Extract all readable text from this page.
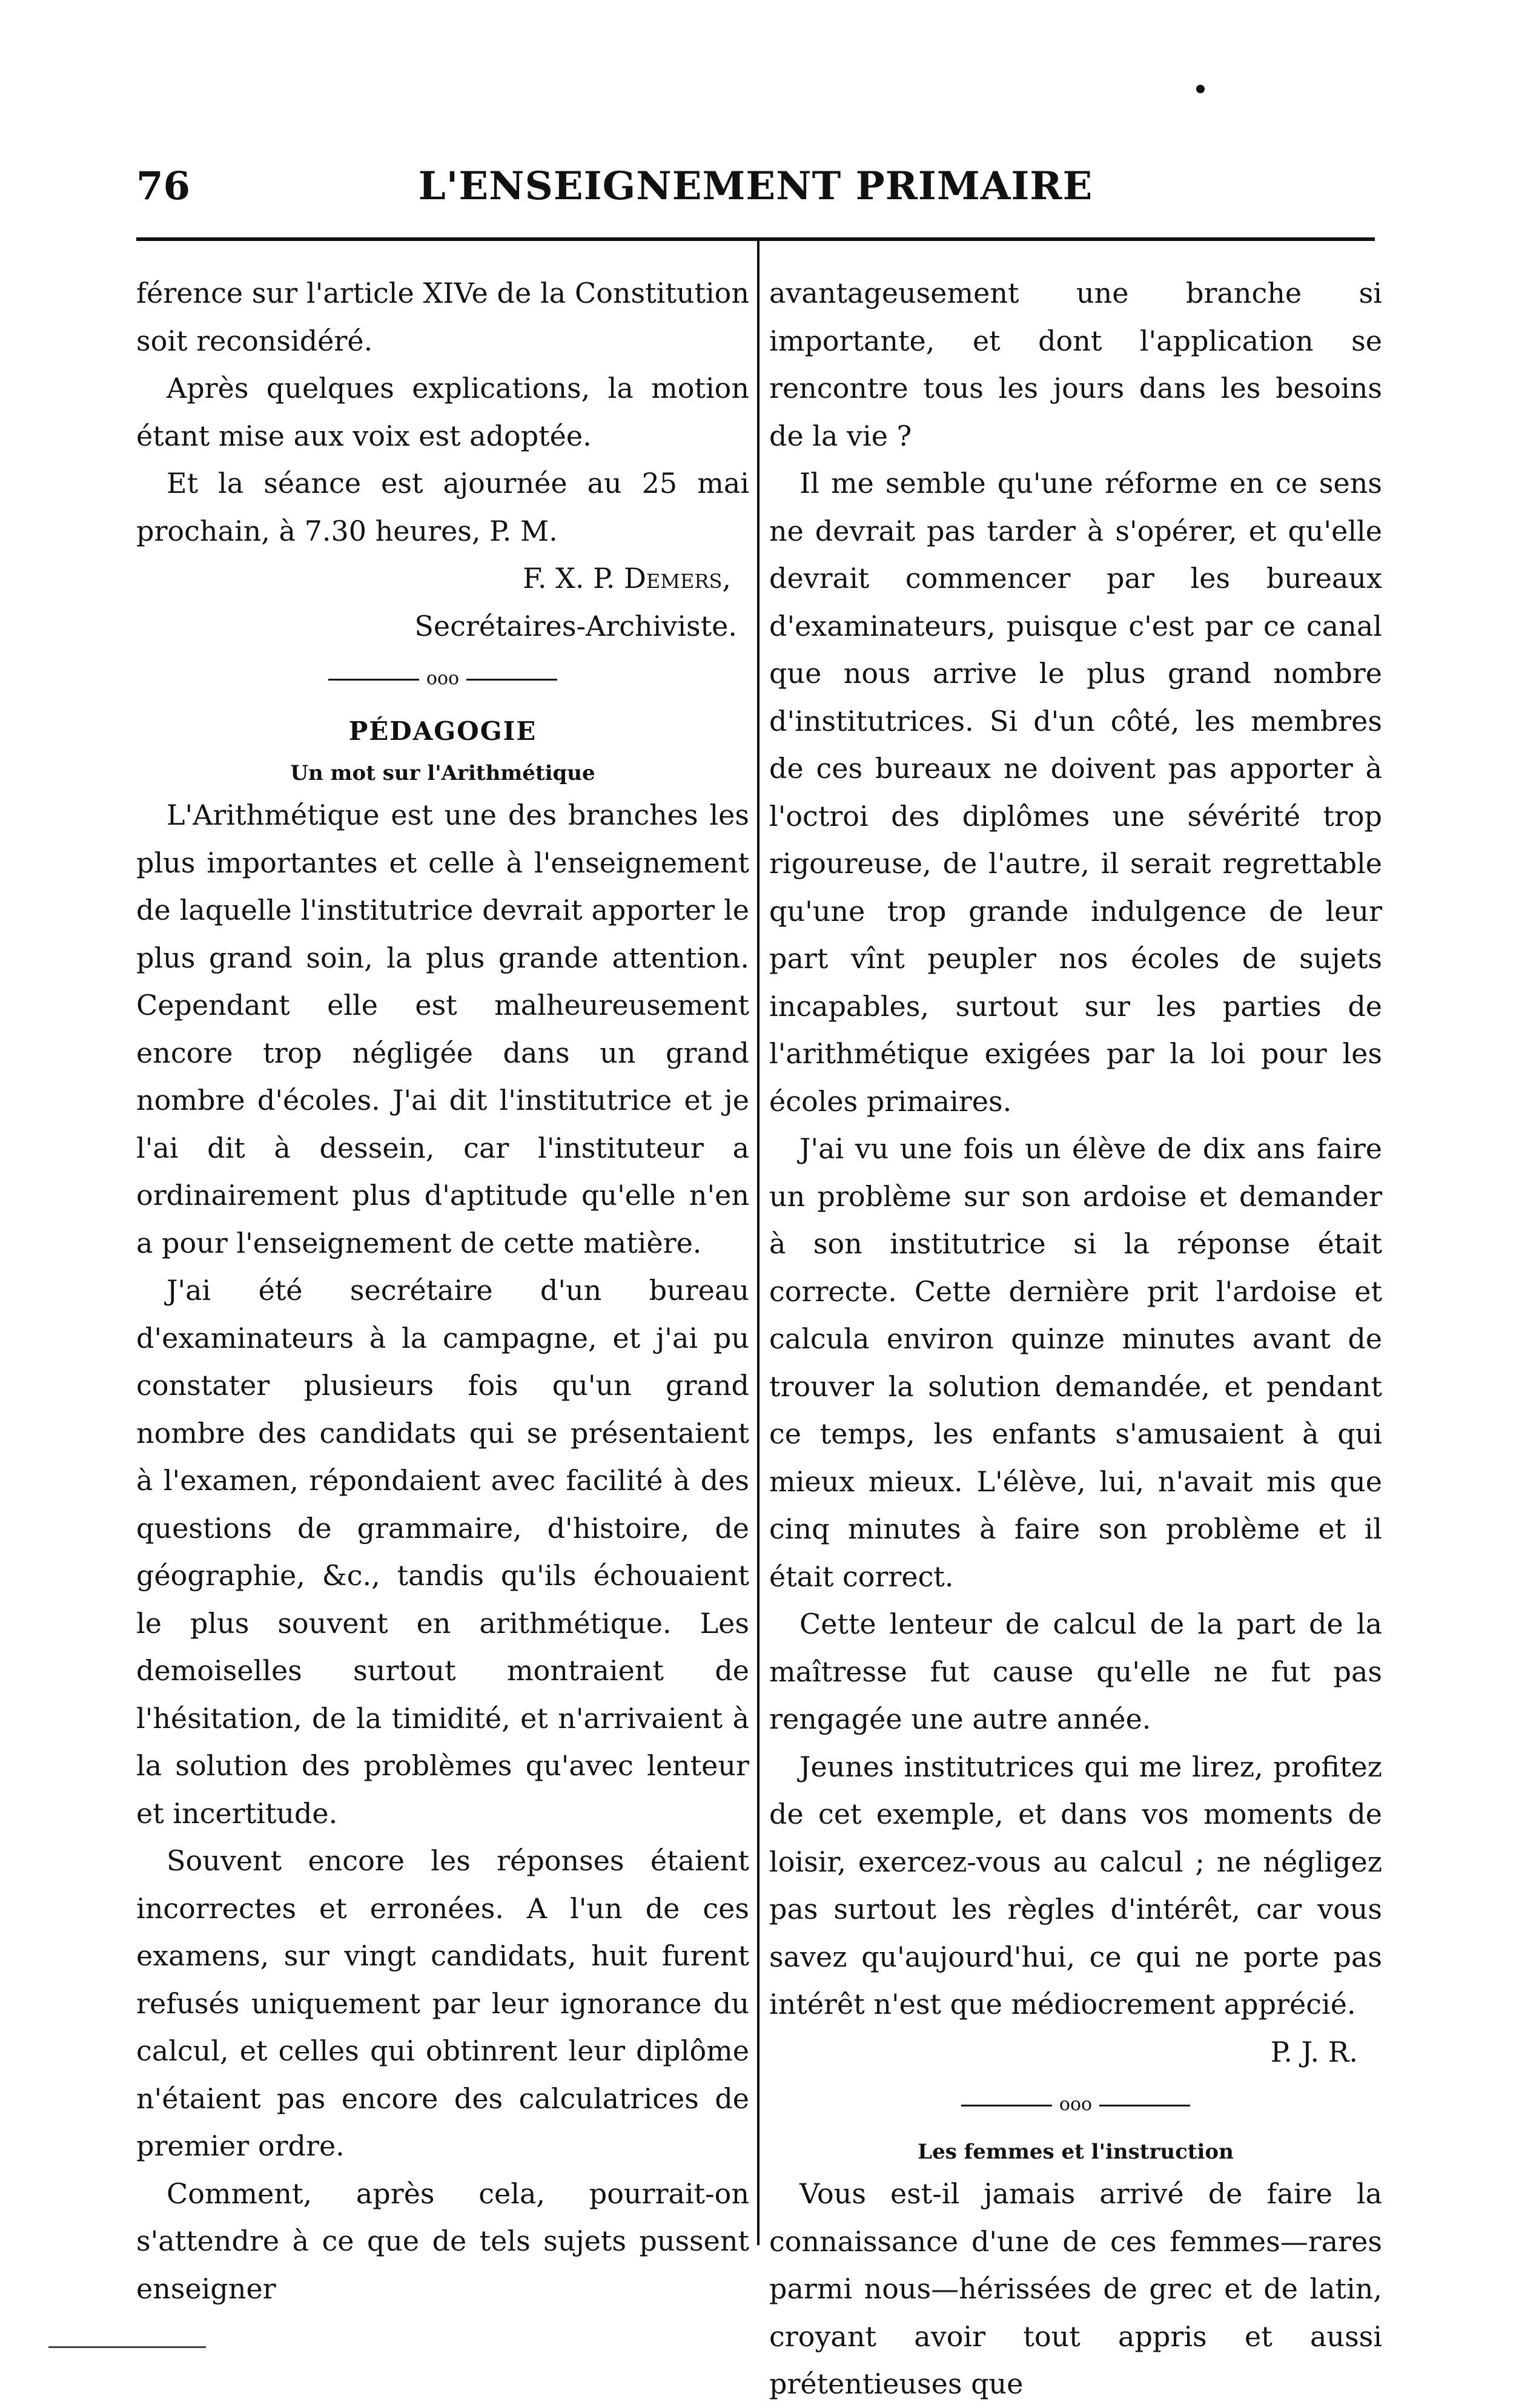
76	L'ENSEIGNEMENT PRIMAIRE

férence sur l'article XIVe de la Constitution soit reconsidéré.

Après quelques explications, la motion étant mise aux voix est adoptée.

Et la séance est ajournée au 25 mai prochain, à 7.30 heures, P. M.

F. X. P. Demers,

Secrétaires-Archiviste.

ooo

PÉDAGOGIE

Un mot sur l'Arithmétique

L'Arithmétique est une des branches les plus importantes et celle à l'enseignement de laquelle l'institutrice devrait apporter le plus grand soin, la plus grande attention. Cependant elle est malheureusement encore trop négligée dans un grand nombre d'écoles. J'ai dit l'institutrice et je l'ai dit à dessein, car l'instituteur a ordinairement plus d'aptitude qu'elle n'en a pour l'enseignement de cette matière.

J'ai été secrétaire d'un bureau d'examinateurs à la campagne, et j'ai pu constater plusieurs fois qu'un grand nombre des candidats qui se présentaient à l'examen, répondaient avec facilité à des questions de grammaire, d'histoire, de géographie, &c., tandis qu'ils échouaient le plus souvent en arithmétique. Les demoiselles surtout montraient de l'hésitation, de la timidité, et n'arrivaient à la solution des problèmes qu'avec lenteur et incertitude.

Souvent encore les réponses étaient incorrectes et erronées. A l'un de ces examens, sur vingt candidats, huit furent refusés uniquement par leur ignorance du calcul, et celles qui obtinrent leur diplôme n'étaient pas encore des calculatrices de premier ordre.

Comment, après cela, pourrait-on s'attendre à ce que de tels sujets pussent enseigner

avantageusement une branche si importante, et dont l'application se rencontre tous les jours dans les besoins de la vie ?

Il me semble qu'une réforme en ce sens ne devrait pas tarder à s'opérer, et qu'elle devrait commencer par les bureaux d'examinateurs, puisque c'est par ce canal que nous arrive le plus grand nombre d'institutrices. Si d'un côté, les membres de ces bureaux ne doivent pas apporter à l'octroi des diplômes une sévérité trop rigoureuse, de l'autre, il serait regrettable qu'une trop grande indulgence de leur part vînt peupler nos écoles de sujets incapables, surtout sur les parties de l'arithmétique exigées par la loi pour les écoles primaires.

J'ai vu une fois un élève de dix ans faire un problème sur son ardoise et demander à son institutrice si la réponse était correcte. Cette dernière prit l'ardoise et calcula environ quinze minutes avant de trouver la solution demandée, et pendant ce temps, les enfants s'amusaient à qui mieux mieux. L'élève, lui, n'avait mis que cinq minutes à faire son problème et il était correct.

Cette lenteur de calcul de la part de la maîtresse fut cause qu'elle ne fut pas rengagée une autre année.

Jeunes institutrices qui me lirez, profitez de cet exemple, et dans vos moments de loisir, exercez-vous au calcul ; ne négligez pas surtout les règles d'intérêt, car vous savez qu'aujourd'hui, ce qui ne porte pas intérêt n'est que médiocrement apprécié.

P. J. R.

ooo

Les femmes et l'instruction

Vous est-il jamais arrivé de faire la connaissance d'une de ces femmes—rares parmi nous—hérissées de grec et de latin, croyant avoir tout appris et aussi prétentieuses que
